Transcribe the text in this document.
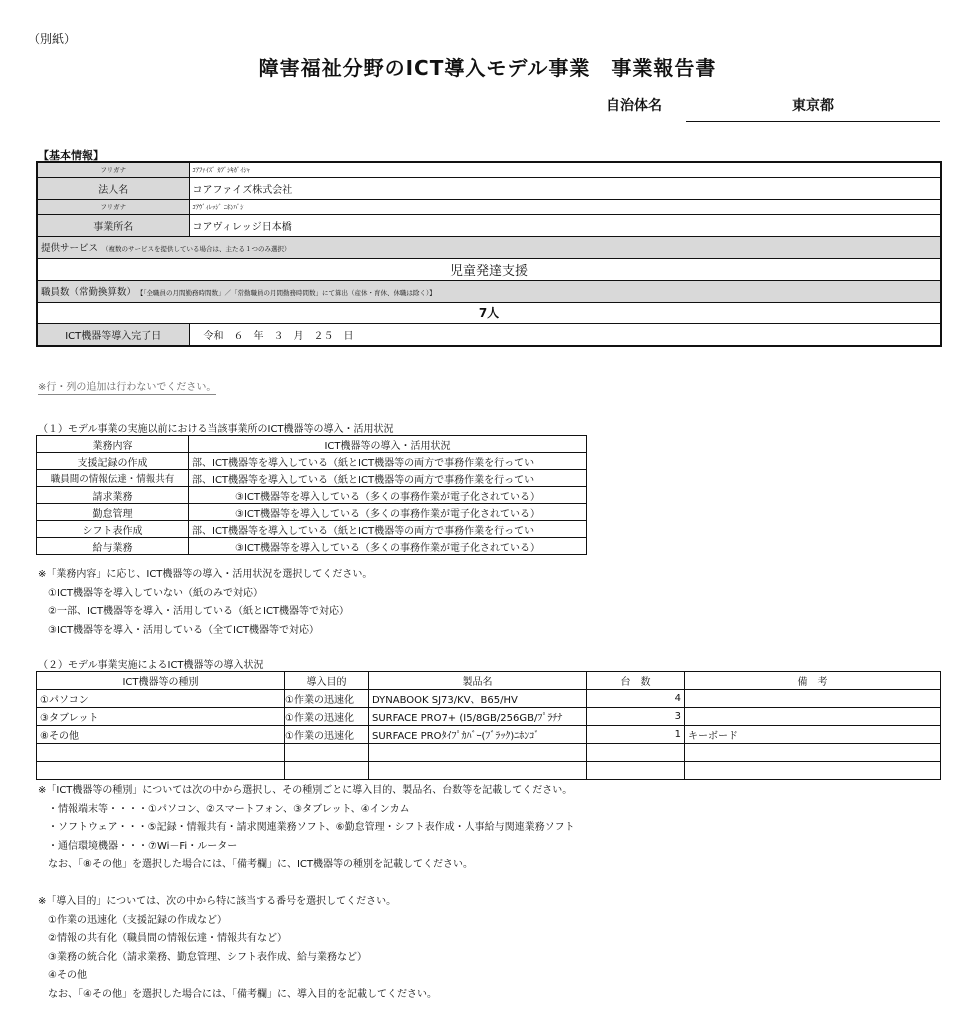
（別紙）
障害福祉分野のICT導入モデル事業　事業報告書
自治体名	東京都
【基本情報】
フリガナ	ｺｱﾌｧｲｽﾞ ｶﾌﾞｼｷｶﾞｲｼｬ
法人名	コアファイズ株式会社
フリガナ	ｺｱｳﾞｨﾚｯｼﾞ ﾆﾎﾝﾊﾞｼ
事業所名	コアヴィレッジ日本橋
提供サービス （複数のサービスを提供している場合は、主たる１つのみ選択）	
児童発達支援	
職員数（常勤換算数） 【「全職員の月間勤務時間数」／「常勤職員の月間勤務時間数」にて算出（産休・育休、休職は除く）】	
7人	
ICT機器等導入完了日	令和　６　年　３　月　２５　日
※行・列の追加は行わないでください。
（１）モデル事業の実施以前における当該事業所のICT機器等の導入・活用状況
業務内容	ICT機器等の導入・活用状況
支援記録の作成	部、ICT機器等を導入している（紙とICT機器等の両方で事務作業を行ってい
職員間の情報伝達・情報共有	部、ICT機器等を導入している（紙とICT機器等の両方で事務作業を行ってい
請求業務	③ICT機器等を導入している（多くの事務作業が電子化されている）
勤怠管理	③ICT機器等を導入している（多くの事務作業が電子化されている）
シフト表作成	部、ICT機器等を導入している（紙とICT機器等の両方で事務作業を行ってい
給与業務	③ICT機器等を導入している（多くの事務作業が電子化されている）
※「業務内容」に応じ、ICT機器等の導入・活用状況を選択してください。
　①ICT機器等を導入していない（紙のみで対応）
　②一部、ICT機器等を導入・活用している（紙とICT機器等で対応）
　③ICT機器等を導入・活用している（全てICT機器等で対応）
（２）モデル事業実施によるICT機器等の導入状況
ICT機器等の種別	導入目的	製品名	台　数	備　考
①パソコン	①作業の迅速化	DYNABOOK SJ73/KV、B65/HV	4	
③タブレット	①作業の迅速化	SURFACE PRO7+ (I5/8GB/256GB/ﾌﾟﾗﾁﾅ	3	
⑧その他	①作業の迅速化	SURFACE PROﾀｲﾌﾟｶﾊﾞｰ(ﾌﾞﾗｯｸ)ﾆﾎﾝｺﾞ	1	キーボード

※「ICT機器等の種別」については次の中から選択し、その種別ごとに導入目的、製品名、台数等を記載してください。
　・情報端末等・・・・①パソコン、②スマートフォン、③タブレット、④インカム
　・ソフトウェア・・・⑤記録・情報共有・請求関連業務ソフト、⑥勤怠管理・シフト表作成・人事給与関連業務ソフト
　・通信環境機器・・・⑦Wi－Fi・ルーター
　なお、「⑧その他」を選択した場合には、「備考欄」に、ICT機器等の種別を記載してください。
※「導入目的」については、次の中から特に該当する番号を選択してください。
　①作業の迅速化（支援記録の作成など）
　②情報の共有化（職員間の情報伝達・情報共有など）
　③業務の統合化（請求業務、勤怠管理、シフト表作成、給与業務など）
　④その他
　なお、「④その他」を選択した場合には、「備考欄」に、導入目的を記載してください。
